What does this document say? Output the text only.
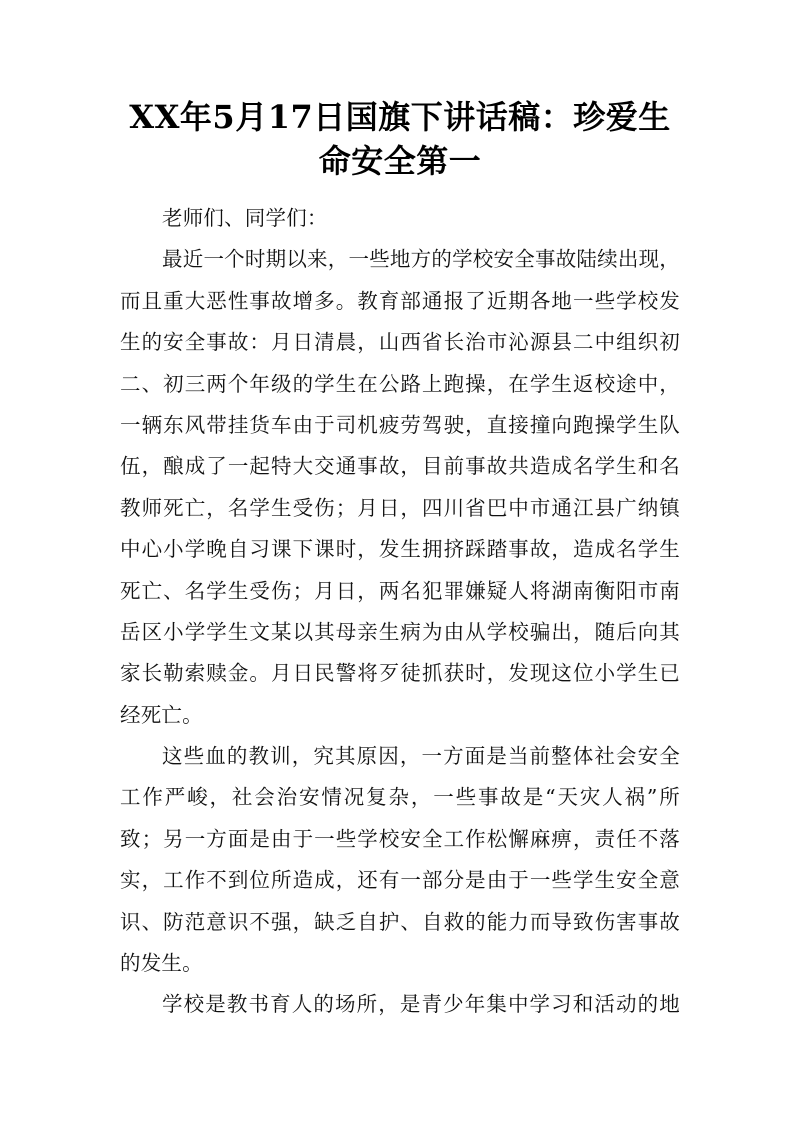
XX年5月17日国旗下讲话稿：珍爱生
命安全第一
老师们、同学们：
最近一个时期以来，一些地方的学校安全事故陆续出现，
而且重大恶性事故增多。教育部通报了近期各地一些学校发
生的安全事故：月日清晨，山西省长治市沁源县二中组织初
二、初三两个年级的学生在公路上跑操，在学生返校途中，
一辆东风带挂货车由于司机疲劳驾驶，直接撞向跑操学生队
伍，酿成了一起特大交通事故，目前事故共造成名学生和名
教师死亡，名学生受伤；月日，四川省巴中市通江县广纳镇
中心小学晚自习课下课时，发生拥挤踩踏事故，造成名学生
死亡、名学生受伤；月日，两名犯罪嫌疑人将湖南衡阳市南
岳区小学学生文某以其母亲生病为由从学校骗出，随后向其
家长勒索赎金。月日民警将歹徒抓获时，发现这位小学生已
经死亡。
这些血的教训，究其原因，一方面是当前整体社会安全
工作严峻，社会治安情况复杂，一些事故是“天灾人祸”所
致；另一方面是由于一些学校安全工作松懈麻痹，责任不落
实，工作不到位所造成，还有一部分是由于一些学生安全意
识、防范意识不强，缺乏自护、自救的能力而导致伤害事故
的发生。
学校是教书育人的场所，是青少年集中学习和活动的地
